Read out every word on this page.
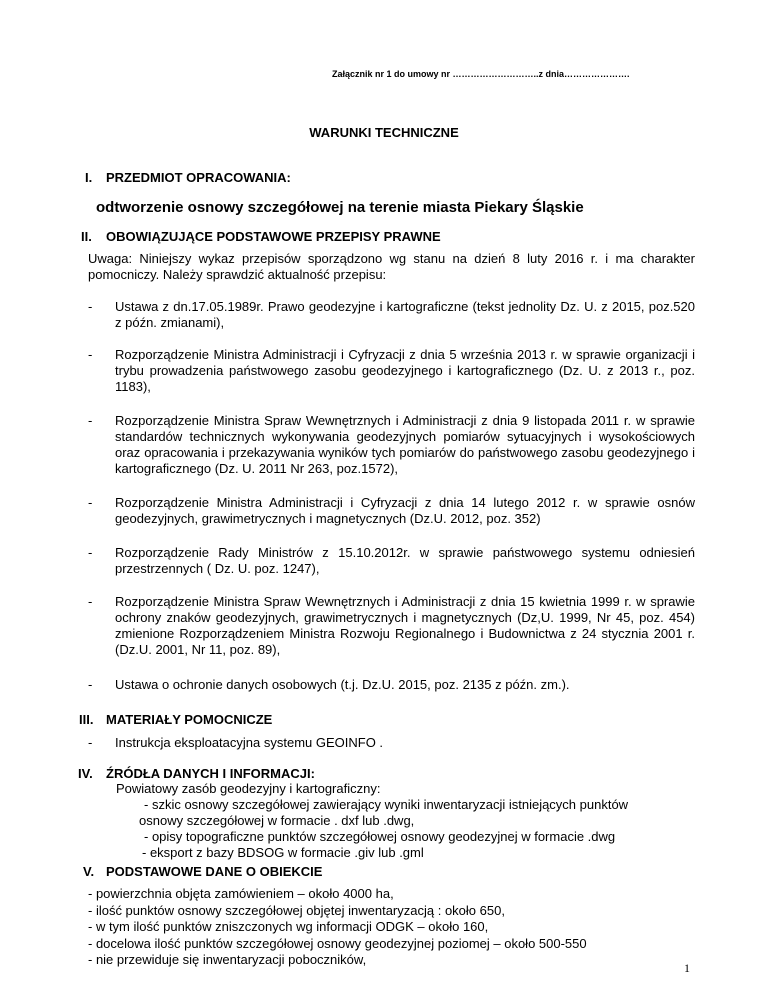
Załącznik nr 1 do umowy nr ………………………..z dnia………………….
WARUNKI TECHNICZNE
I. PRZEDMIOT OPRACOWANIA:
odtworzenie osnowy szczegółowej na terenie miasta Piekary Śląskie
II. OBOWIĄZUJĄCE PODSTAWOWE PRZEPISY PRAWNE
Uwaga: Niniejszy wykaz przepisów sporządzono wg stanu na dzień 8 luty 2016 r. i ma charakter pomocniczy. Należy sprawdzić aktualność przepisu:
- Ustawa z dn.17.05.1989r. Prawo geodezyjne i kartograficzne (tekst jednolity Dz. U. z 2015, poz.520 z późn. zmianami),
- Rozporządzenie Ministra Administracji i Cyfryzacji z dnia 5 września 2013 r. w sprawie organizacji i trybu prowadzenia państwowego zasobu geodezyjnego i kartograficznego (Dz. U. z 2013 r., poz. 1183),
- Rozporządzenie Ministra Spraw Wewnętrznych i Administracji z dnia 9 listopada 2011 r. w sprawie standardów technicznych wykonywania geodezyjnych pomiarów sytuacyjnych i wysokościowych oraz opracowania i przekazywania wyników tych pomiarów do państwowego zasobu geodezyjnego i kartograficznego (Dz. U. 2011 Nr 263, poz.1572),
- Rozporządzenie Ministra Administracji i Cyfryzacji z dnia 14 lutego 2012 r. w sprawie osnów geodezyjnych, grawimetrycznych i magnetycznych (Dz.U. 2012, poz. 352)
- Rozporządzenie Rady Ministrów z 15.10.2012r. w sprawie państwowego systemu odniesień przestrzennych ( Dz. U. poz. 1247),
- Rozporządzenie Ministra Spraw Wewnętrznych i Administracji z dnia 15 kwietnia 1999 r. w sprawie ochrony znaków geodezyjnych, grawimetrycznych i magnetycznych (Dz,U. 1999, Nr 45, poz. 454) zmienione Rozporządzeniem Ministra Rozwoju Regionalnego i Budownictwa z 24 stycznia 2001 r. (Dz.U. 2001, Nr 11, poz. 89),
- Ustawa o ochronie danych osobowych (t.j. Dz.U. 2015, poz. 2135 z późn. zm.).
III. MATERIAŁY POMOCNICZE
- Instrukcja eksploatacyjna systemu GEOINFO .
IV. ŹRÓDŁA DANYCH I INFORMACJI:
Powiatowy zasób geodezyjny i kartograficzny:
- szkic osnowy szczegółowej zawierający wyniki inwentaryzacji istniejących punktów
osnowy szczegółowej w formacie . dxf lub .dwg,
- opisy topograficzne punktów szczegółowej osnowy geodezyjnej w formacie .dwg
- eksport z bazy BDSOG w formacie .giv lub .gml
V. PODSTAWOWE DANE O OBIEKCIE
- powierzchnia objęta zamówieniem – około 4000 ha,
- ilość punktów osnowy szczegółowej objętej inwentaryzacją : około 650,
- w tym ilość punktów zniszczonych wg informacji ODGK – około 160,
- docelowa ilość punktów szczegółowej osnowy geodezyjnej poziomej – około 500-550
- nie przewiduje się inwentaryzacji poboczników,
1
